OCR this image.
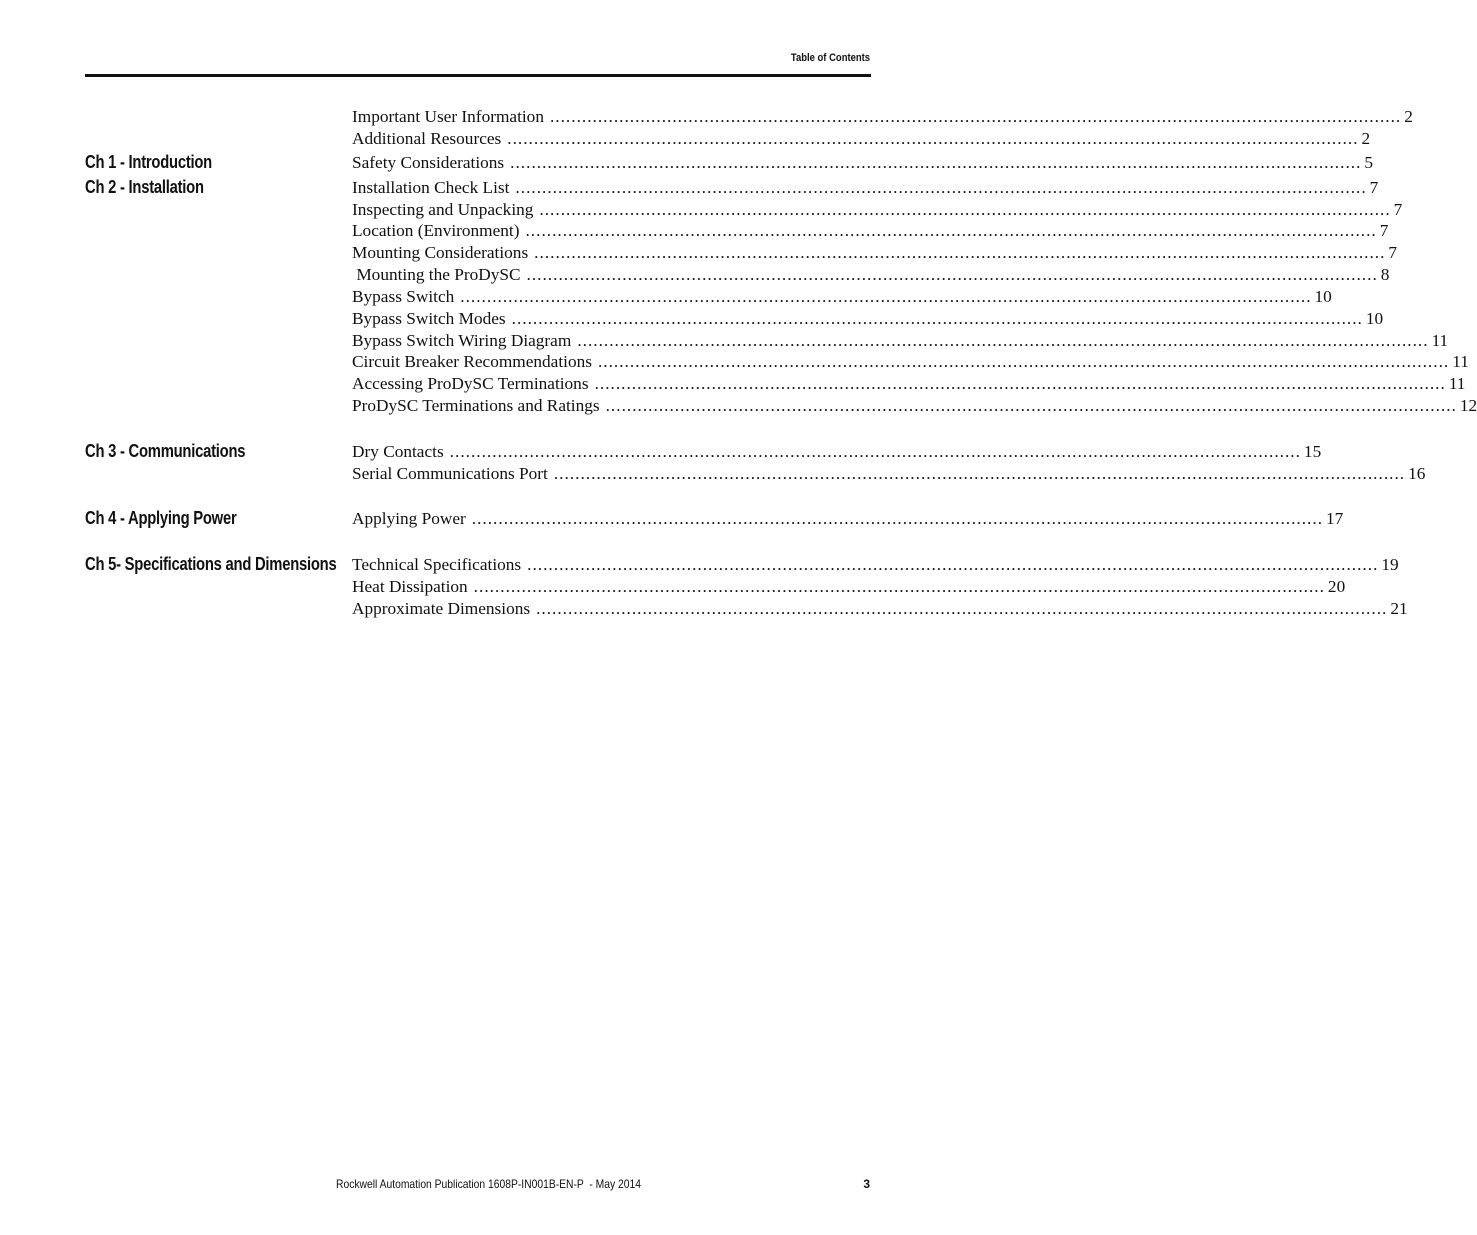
Table of Contents
Ch 1 - Introduction
Ch 2 - Installation
Ch 3 - Communications
Ch 4 - Applying Power
Ch 5- Specifications and Dimensions
Important User Information ................................................................................................................................................................ 2
Additional Resources ................................................................................................................................................................ 2
Safety Considerations ................................................................................................................................................................ 5
Installation Check List ................................................................................................................................................................ 7
Inspecting and Unpacking ................................................................................................................................................................ 7
Location (Environment) ................................................................................................................................................................ 7
Mounting Considerations ................................................................................................................................................................ 7
Mounting the ProDySC ................................................................................................................................................................ 8
Bypass Switch ................................................................................................................................................................ 10
Bypass Switch Modes ................................................................................................................................................................ 10
Bypass Switch Wiring Diagram ................................................................................................................................................................ 11
Circuit Breaker Recommendations ................................................................................................................................................................ 11
Accessing ProDySC Terminations ................................................................................................................................................................ 11
ProDySC Terminations and Ratings ................................................................................................................................................................ 12
Dry Contacts ................................................................................................................................................................ 15
Serial Communications Port ................................................................................................................................................................ 16
Applying Power ................................................................................................................................................................ 17
Technical Specifications ................................................................................................................................................................ 19
Heat Dissipation ................................................................................................................................................................ 20
Approximate Dimensions ................................................................................................................................................................ 21
Rockwell Automation Publication 1608P-IN001B-EN-P  - May 2014	3
